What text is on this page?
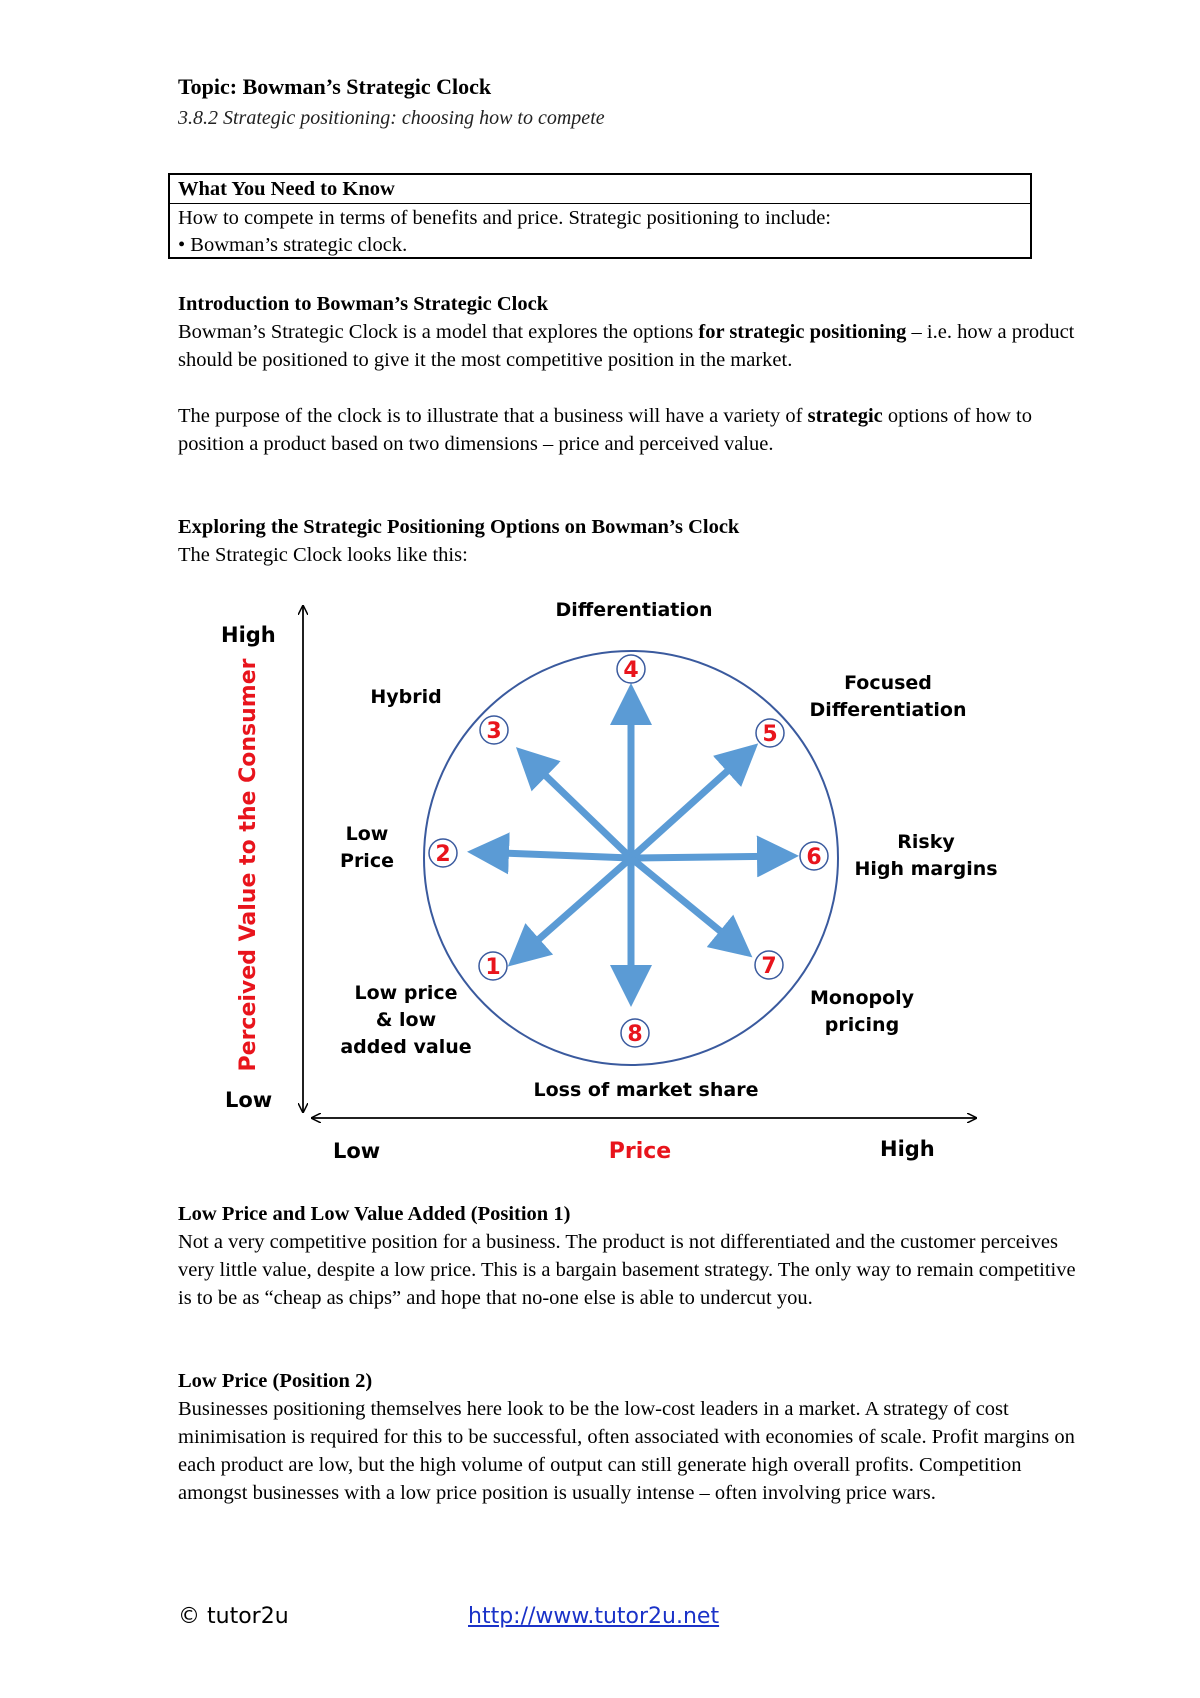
Topic: Bowman’s Strategic Clock
3.8.2 Strategic positioning: choosing how to compete
What You Need to Know
How to compete in terms of benefits and price. Strategic positioning to include:
• Bowman’s strategic clock.
Introduction to Bowman’s Strategic Clock

Bowman’s Strategic Clock is a model that explores the options for strategic positioning – i.e. how a product should be positioned to give it the most competitive position in the market.

The purpose of the clock is to illustrate that a business will have a variety of strategic options of how to position a product based on two dimensions – price and perceived value.

Exploring the Strategic Positioning Options on Bowman’s Clock

The Strategic Clock looks like this:

High
Low
Perceived Value to the Consumer
Low	Price	High
1
2
3
4
5
6
7
8
Low price
& low
added value
Low
Price
Hybrid
Differentiation
Focused
Differentiation
Risky
High margins
Monopoly
pricing
Loss of market share
Low Price and Low Value Added (Position 1)

Not a very competitive position for a business. The product is not differentiated and the customer perceives very little value, despite a low price. This is a bargain basement strategy. The only way to remain competitive is to be as “cheap as chips” and hope that no-one else is able to undercut you.

Low Price (Position 2)

Businesses positioning themselves here look to be the low-cost leaders in a market. A strategy of cost minimisation is required for this to be successful, often associated with economies of scale. Profit margins on each product are low, but the high volume of output can still generate high overall profits. Competition amongst businesses with a low price position is usually intense – often involving price wars.

© tutor2u	http://www.tutor2u.net
